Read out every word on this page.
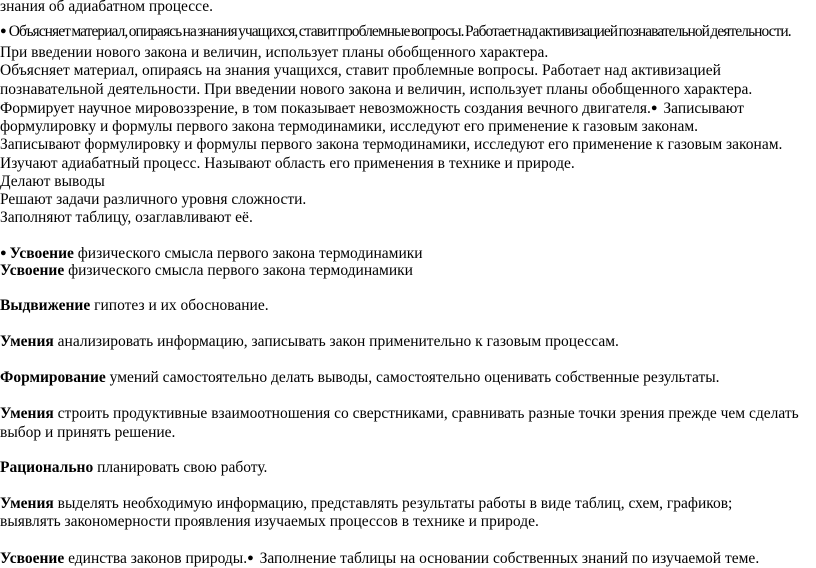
знания об адиабатном процессе.
● Объясняет материал, опираясь на знания учащихся, ставит проблемные вопросы. Работает над активизацией познавательной деятельности.
При введении нового закона и величин, использует планы обобщенного характера.
Объясняет материал, опираясь на знания учащихся, ставит проблемные вопросы. Работает над активизацией
познавательной деятельности. При введении нового закона и величин, использует планы обобщенного характера.
Формирует научное мировоззрение, в том показывает невозможность создания вечного двигателя.● Записывают
формулировку и формулы первого закона термодинамики, исследуют его применение к газовым законам.
Записывают формулировку и формулы первого закона термодинамики, исследуют его применение к газовым законам.
Изучают адиабатный процесс. Называют область его применения в технике и природе.
Делают выводы
Решают задачи различного уровня сложности.
Заполняют таблицу, озаглавливают её.
● Усвоение физического смысла первого закона термодинамики
Усвоение физического смысла первого закона термодинамики
Выдвижение гипотез и их обоснование.
Умения анализировать информацию, записывать закон применительно к газовым процессам.
Формирование умений самостоятельно делать выводы, самостоятельно оценивать собственные результаты.
Умения строить продуктивные взаимоотношения со сверстниками, сравнивать разные точки зрения прежде чем сделать
выбор и принять решение.
Рационально планировать свою работу.
Умения выделять необходимую информацию, представлять результаты работы в виде таблиц, схем, графиков;
выявлять закономерности проявления изучаемых процессов в технике и природе.
Усвоение единства законов природы.● Заполнение таблицы на основании собственных знаний по изучаемой теме.
